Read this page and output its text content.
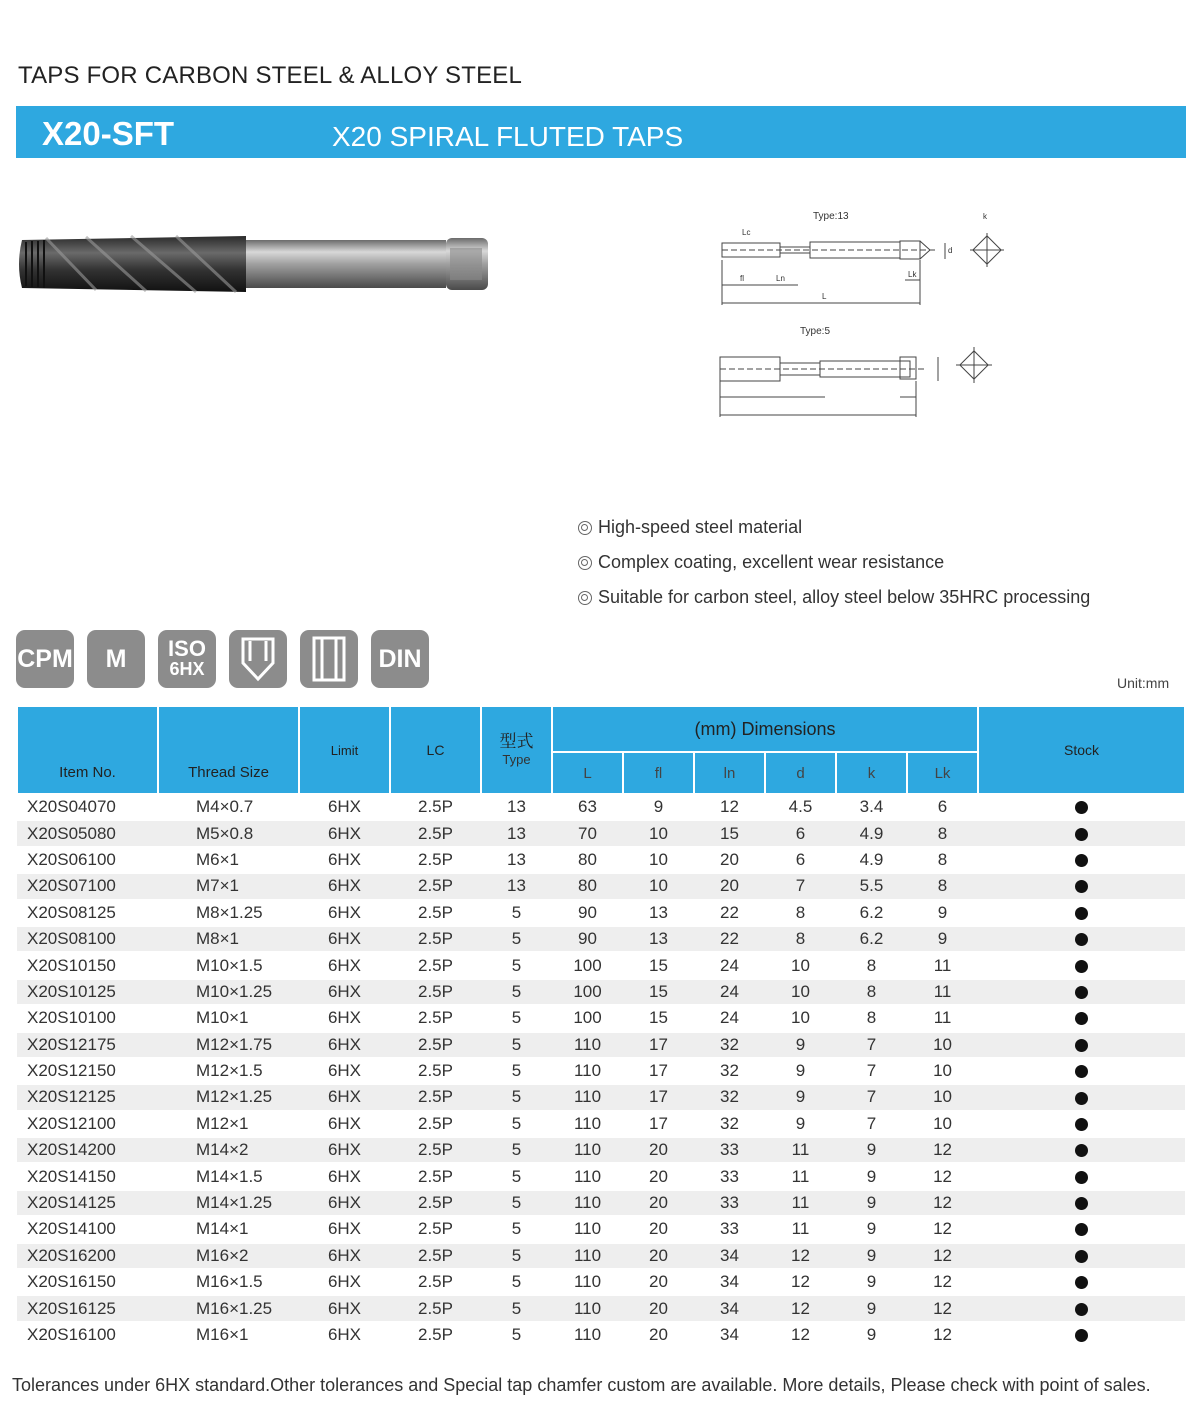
TAPS FOR CARBON STEEL & ALLOY STEEL
X20-SFT	X20 SPIRAL FLUTED TAPS
Type:13
Type:5
Lc
fl	Ln
L
Lk
d
k
High-speed steel material
Complex coating, excellent wear resistance
Suitable for carbon steel, alloy steel below 35HRC processing
CPM	M	ISO
6HX	DIN
Unit:mm
Item No.	Thread Size	Limit	LC	型式
Type	(mm) Dimensions						Stock
					L	fl	ln	d	k	Lk	
X20S04070	M4×0.7	6HX	2.5P	13	63	9	12	4.5	3.4	6	
X20S05080	M5×0.8	6HX	2.5P	13	70	10	15	6	4.9	8	
X20S06100	M6×1	6HX	2.5P	13	80	10	20	6	4.9	8	
X20S07100	M7×1	6HX	2.5P	13	80	10	20	7	5.5	8	
X20S08125	M8×1.25	6HX	2.5P	5	90	13	22	8	6.2	9	
X20S08100	M8×1	6HX	2.5P	5	90	13	22	8	6.2	9	
X20S10150	M10×1.5	6HX	2.5P	5	100	15	24	10	8	11	
X20S10125	M10×1.25	6HX	2.5P	5	100	15	24	10	8	11	
X20S10100	M10×1	6HX	2.5P	5	100	15	24	10	8	11	
X20S12175	M12×1.75	6HX	2.5P	5	110	17	32	9	7	10	
X20S12150	M12×1.5	6HX	2.5P	5	110	17	32	9	7	10	
X20S12125	M12×1.25	6HX	2.5P	5	110	17	32	9	7	10	
X20S12100	M12×1	6HX	2.5P	5	110	17	32	9	7	10	
X20S14200	M14×2	6HX	2.5P	5	110	20	33	11	9	12	
X20S14150	M14×1.5	6HX	2.5P	5	110	20	33	11	9	12	
X20S14125	M14×1.25	6HX	2.5P	5	110	20	33	11	9	12	
X20S14100	M14×1	6HX	2.5P	5	110	20	33	11	9	12	
X20S16200	M16×2	6HX	2.5P	5	110	20	34	12	9	12	
X20S16150	M16×1.5	6HX	2.5P	5	110	20	34	12	9	12	
X20S16125	M16×1.25	6HX	2.5P	5	110	20	34	12	9	12	
X20S16100	M16×1	6HX	2.5P	5	110	20	34	12	9	12	
Tolerances under 6HX standard.Other tolerances and Special tap chamfer custom are available. More details, Please check with point of sales.
